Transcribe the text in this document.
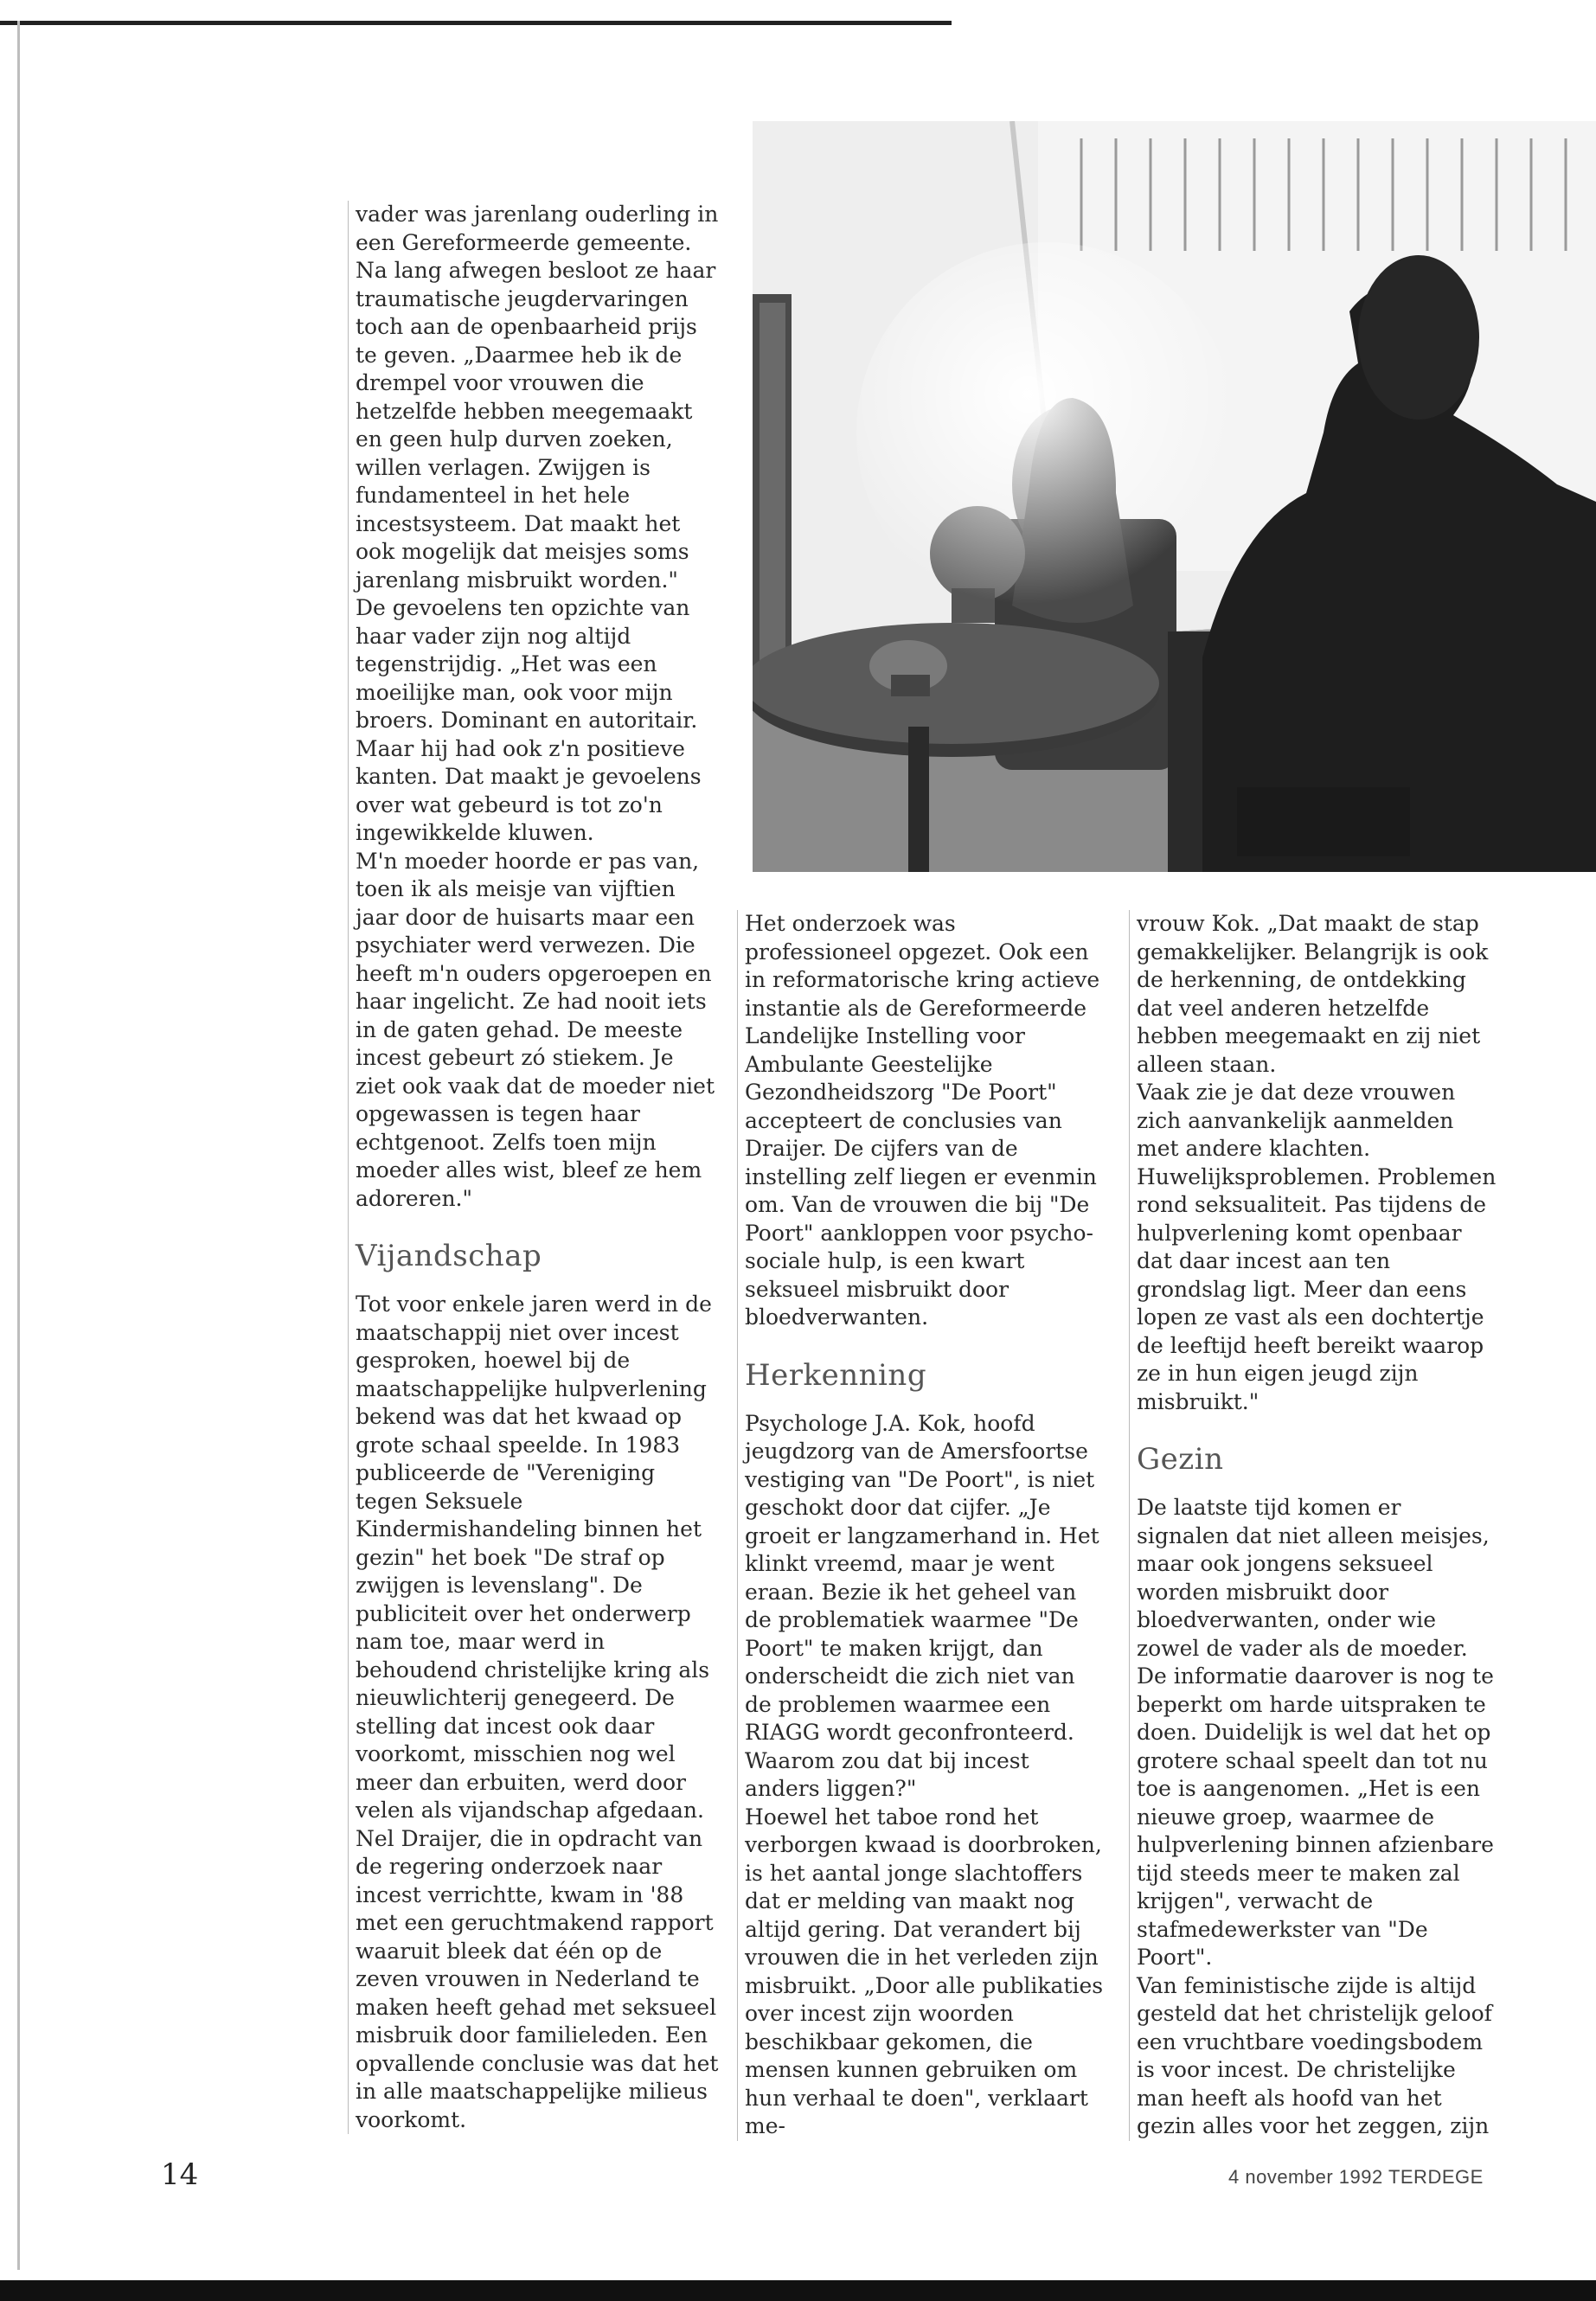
vader was jarenlang ouderling in een Gereformeerde gemeente. Na lang afwegen besloot ze haar traumatische jeugdervaringen toch aan de openbaarheid prijs te geven. „Daarmee heb ik de drempel voor vrouwen die hetzelfde hebben meegemaakt en geen hulp durven zoeken, willen verlagen. Zwijgen is fundamenteel in het hele incestsysteem. Dat maakt het ook mogelijk dat meisjes soms jarenlang misbruikt worden."

De gevoelens ten opzichte van haar vader zijn nog altijd tegenstrijdig. „Het was een moeilijke man, ook voor mijn broers. Dominant en autoritair. Maar hij had ook z'n positieve kanten. Dat maakt je gevoelens over wat gebeurd is tot zo'n ingewikkelde kluwen.

M'n moeder hoorde er pas van, toen ik als meisje van vijftien jaar door de huisarts maar een psychiater werd verwezen. Die heeft m'n ouders opgeroepen en haar ingelicht. Ze had nooit iets in de gaten gehad. De meeste incest gebeurt zó stiekem. Je ziet ook vaak dat de moeder niet opgewassen is tegen haar echtgenoot. Zelfs toen mijn moeder alles wist, bleef ze hem adoreren."

Vijandschap

Tot voor enkele jaren werd in de maatschappij niet over incest gesproken, hoewel bij de maatschappelijke hulpverlening bekend was dat het kwaad op grote schaal speelde. In 1983 publiceerde de "Vereniging tegen Seksuele Kindermishandeling binnen het gezin" het boek "De straf op zwijgen is levenslang". De publiciteit over het onderwerp nam toe, maar werd in behoudend christelijke kring als nieuwlichterij genegeerd. De stelling dat incest ook daar voorkomt, misschien nog wel meer dan erbuiten, werd door velen als vijandschap afgedaan.

Nel Draijer, die in opdracht van de regering onderzoek naar incest verrichtte, kwam in '88 met een geruchtmakend rapport waaruit bleek dat één op de zeven vrouwen in Nederland te maken heeft gehad met seksueel misbruik door familieleden. Een opvallende conclusie was dat het in alle maatschappelijke milieus voorkomt.

Het onderzoek was professioneel opgezet. Ook een in reformatorische kring actieve instantie als de Gereformeerde Landelijke Instelling voor Ambulante Geestelijke Gezondheidszorg "De Poort" accepteert de conclusies van Draijer. De cijfers van de instelling zelf liegen er evenmin om. Van de vrouwen die bij "De Poort" aankloppen voor psycho-sociale hulp, is een kwart seksueel misbruikt door bloedverwanten.

Herkenning

Psychologe J.A. Kok, hoofd jeugdzorg van de Amersfoortse vestiging van "De Poort", is niet geschokt door dat cijfer. „Je groeit er langzamerhand in. Het klinkt vreemd, maar je went eraan. Bezie ik het geheel van de problematiek waarmee "De Poort" te maken krijgt, dan onderscheidt die zich niet van de problemen waarmee een RIAGG wordt geconfronteerd. Waarom zou dat bij incest anders liggen?"

Hoewel het taboe rond het verborgen kwaad is doorbroken, is het aantal jonge slachtoffers dat er melding van maakt nog altijd gering. Dat verandert bij vrouwen die in het verleden zijn misbruikt. „Door alle publikaties over incest zijn woorden beschikbaar gekomen, die mensen kunnen gebruiken om hun verhaal te doen", verklaart me-

vrouw Kok. „Dat maakt de stap gemakkelijker. Belangrijk is ook de herkenning, de ontdekking dat veel anderen hetzelfde hebben meegemaakt en zij niet alleen staan.

Vaak zie je dat deze vrouwen zich aanvankelijk aanmelden met andere klachten. Huwelijksproblemen. Problemen rond seksualiteit. Pas tijdens de hulpverlening komt openbaar dat daar incest aan ten grondslag ligt. Meer dan eens lopen ze vast als een dochtertje de leeftijd heeft bereikt waarop ze in hun eigen jeugd zijn misbruikt."

Gezin

De laatste tijd komen er signalen dat niet alleen meisjes, maar ook jongens seksueel worden misbruikt door bloedverwanten, onder wie zowel de vader als de moeder. De informatie daarover is nog te beperkt om harde uitspraken te doen. Duidelijk is wel dat het op grotere schaal speelt dan tot nu toe is aangenomen. „Het is een nieuwe groep, waarmee de hulpverlening binnen afzienbare tijd steeds meer te maken zal krijgen", verwacht de stafmedewerkster van "De Poort".

Van feministische zijde is altijd gesteld dat het christelijk geloof een vruchtbare voedingsbodem is voor incest. De christelijke man heeft als hoofd van het gezin alles voor het zeggen, zijn

14	4 november 1992 TERDEGE
